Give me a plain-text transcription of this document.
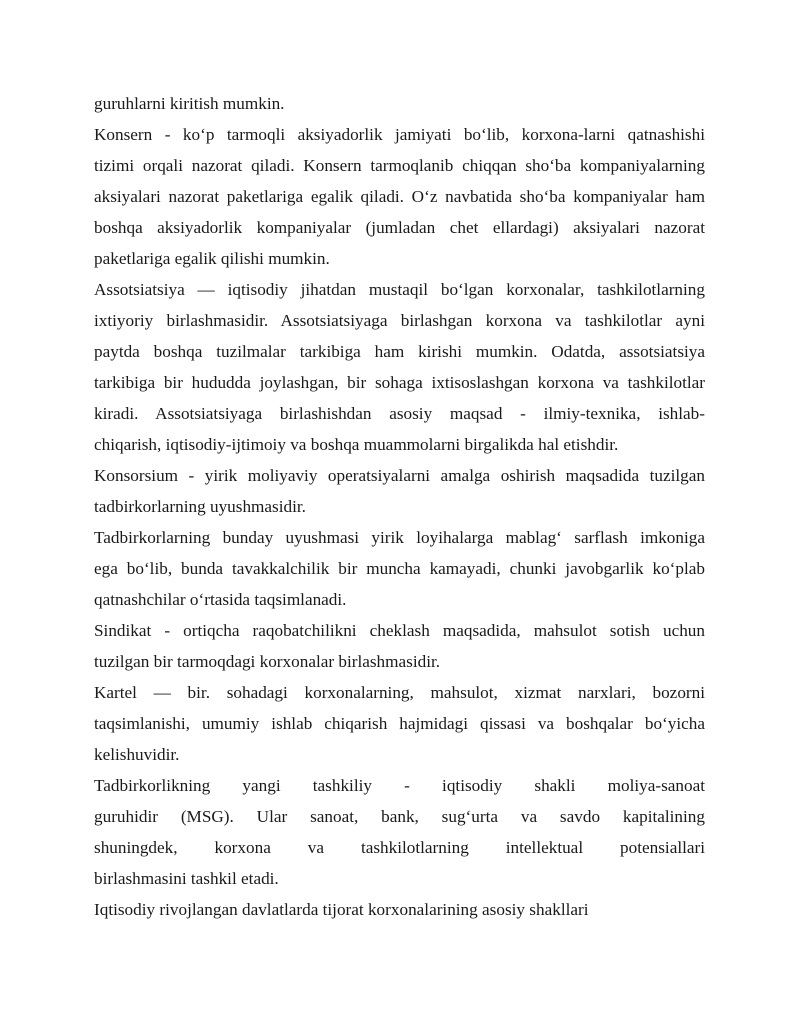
guruhlarni kiritish mumkin.
Konsern - ko‘p tarmoqli aksiyadorlik jamiyati bo‘lib, korxona-larni qatnashishi
tizimi orqali nazorat qiladi. Konsern tarmoqlanib chiqqan sho‘ba kompaniyalarning
aksiyalari nazorat paketlariga egalik qiladi. O‘z navbatida sho‘ba kompaniyalar ham
boshqa aksiyadorlik kompaniyalar (jumladan chet ellardagi) aksiyalari nazorat
paketlariga egalik qilishi mumkin.
Assotsiatsiya — iqtisodiy jihatdan mustaqil bo‘lgan korxonalar, tashkilotlarning
ixtiyoriy birlashmasidir. Assotsiatsiyaga birlashgan korxona va tashkilotlar ayni
paytda boshqa tuzilmalar tarkibiga ham kirishi mumkin. Odatda, assotsiatsiya
tarkibiga bir hududda joylashgan, bir sohaga ixtisoslashgan korxona va tashkilotlar
kiradi. Assotsiatsiyaga birlashishdan asosiy maqsad - ilmiy-texnika, ishlab-
chiqarish, iqtisodiy-ijtimoiy va boshqa muammolarni birgalikda hal etishdir.
Konsorsium - yirik moliyaviy operatsiyalarni amalga oshirish maqsadida tuzilgan
tadbirkorlarning uyushmasidir.
Tadbirkorlarning bunday uyushmasi yirik loyihalarga mablag‘ sarflash imkoniga
ega bo‘lib, bunda tavakkalchilik bir muncha kamayadi, chunki javobgarlik ko‘plab
qatnashchilar o‘rtasida taqsimlanadi.
Sindikat - ortiqcha raqobatchilikni cheklash maqsadida, mahsulot sotish uchun
tuzilgan bir tarmoqdagi korxonalar birlashmasidir.
Kartel — bir. sohadagi korxonalarning, mahsulot, xizmat narxlari, bozorni
taqsimlanishi, umumiy ishlab chiqarish hajmidagi qissasi va boshqalar bo‘yicha
kelishuvidir.
Tadbirkorlikning yangi tashkiliy - iqtisodiy shakli moliya-sanoat
guruhidir (MSG). Ular sanoat, bank, sug‘urta va savdo kapitalining
shuningdek, korxona va tashkilotlarning intellektual potensiallari
birlashmasini tashkil etadi.
Iqtisodiy rivojlangan davlatlarda tijorat korxonalarining asosiy shakllari
